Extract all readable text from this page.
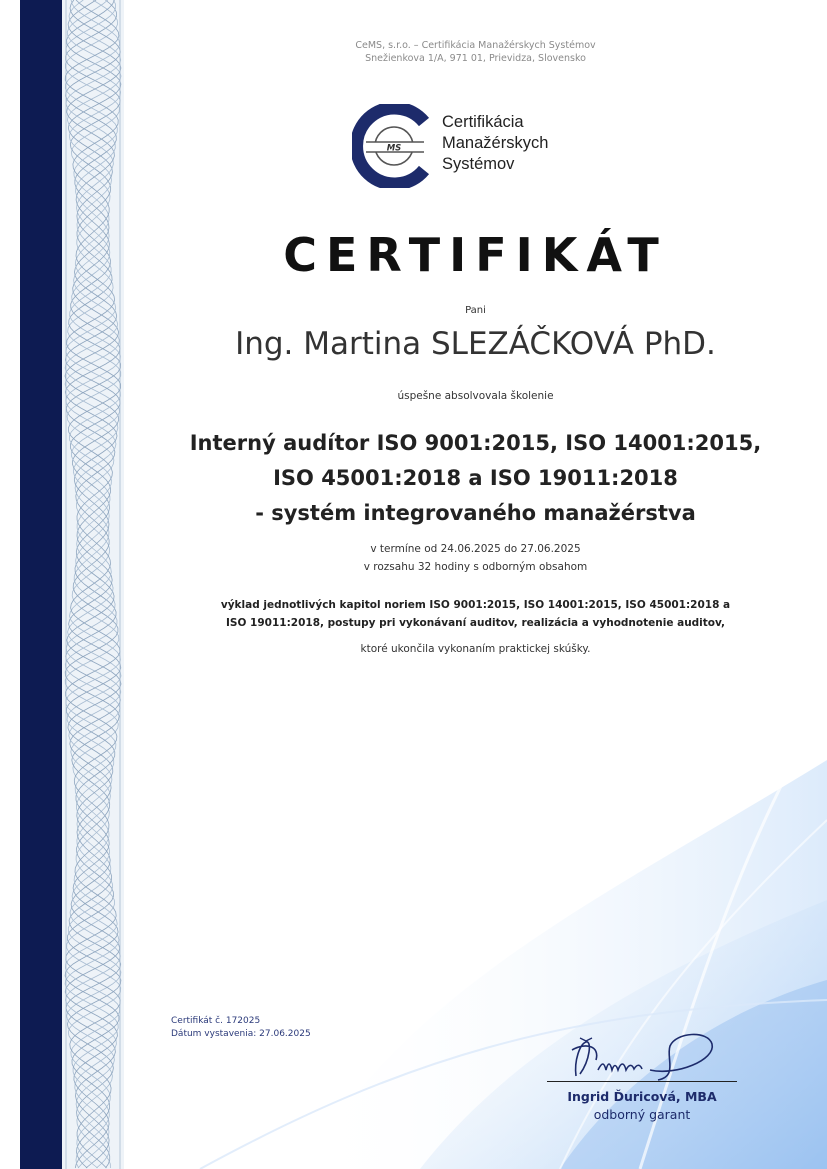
CeMS, s.r.o. – Certifikácia Manažérskych Systémov
Snežienkova 1/A, 971 01, Prievidza, Slovensko
MS
Certifikácia
Manažérskych
Systémov
CERTIFIKÁT
Pani
Ing. Martina SLEZÁČKOVÁ PhD.
úspešne absolvovala školenie
Interný audítor ISO 9001:2015, ISO 14001:2015,
ISO 45001:2018 a ISO 19011:2018
- systém integrovaného manažérstva
v termíne od 24.06.2025 do 27.06.2025
v rozsahu 32 hodiny s odborným obsahom
výklad jednotlivých kapitol noriem ISO 9001:2015, ISO 14001:2015, ISO 45001:2018 a
ISO 19011:2018, postupy pri vykonávaní auditov, realizácia a vyhodnotenie auditov,
ktoré ukončila vykonaním praktickej skúšky.
Certifikát č. 172025
Dátum vystavenia: 27.06.2025
Ingrid Ďuricová, MBA
odborný garant
